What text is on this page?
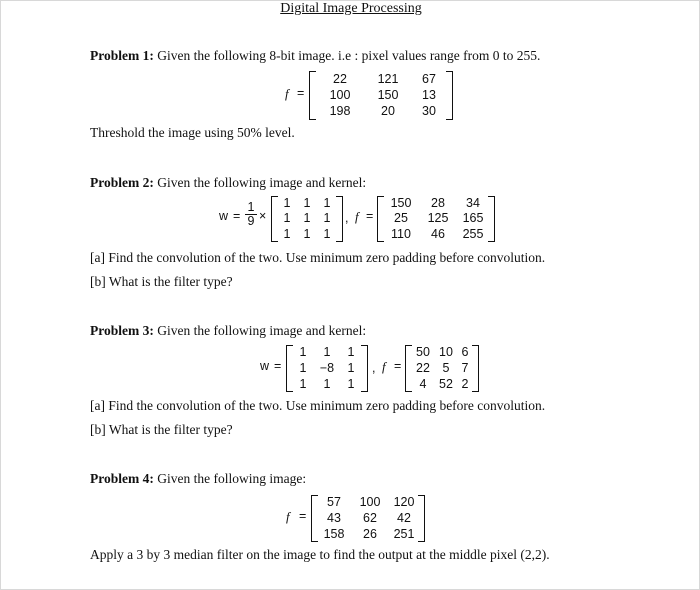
Digital Image Processing
Problem 1: Given the following 8-bit image. i.e : pixel values range from 0 to 255.
f =
22	121	67
100	150	13
198	20	30
Threshold the image using 50% level.
Problem 2: Given the following image and kernel:
$w = \frac{1}{9}$ ×
1	1	1
1	1	1
1	1	1
, f =
150	28	34
25	125	165
110	46	255
[a] Find the convolution of the two. Use minimum zero padding before convolution.
[b] What is the filter type?
Problem 3: Given the following image and kernel:
w =
1	1	1
1	−8	1
1	1	1
, f =
50 10 6
22	5 7
4	52 2
[a] Find the convolution of the two. Use minimum zero padding before convolution.
[b] What is the filter type?
Problem 4: Given the following image:
f =
57	100	120
43	62	42
158	26	251
Apply a 3 by 3 median filter on the image to find the output at the middle pixel (2,2).
